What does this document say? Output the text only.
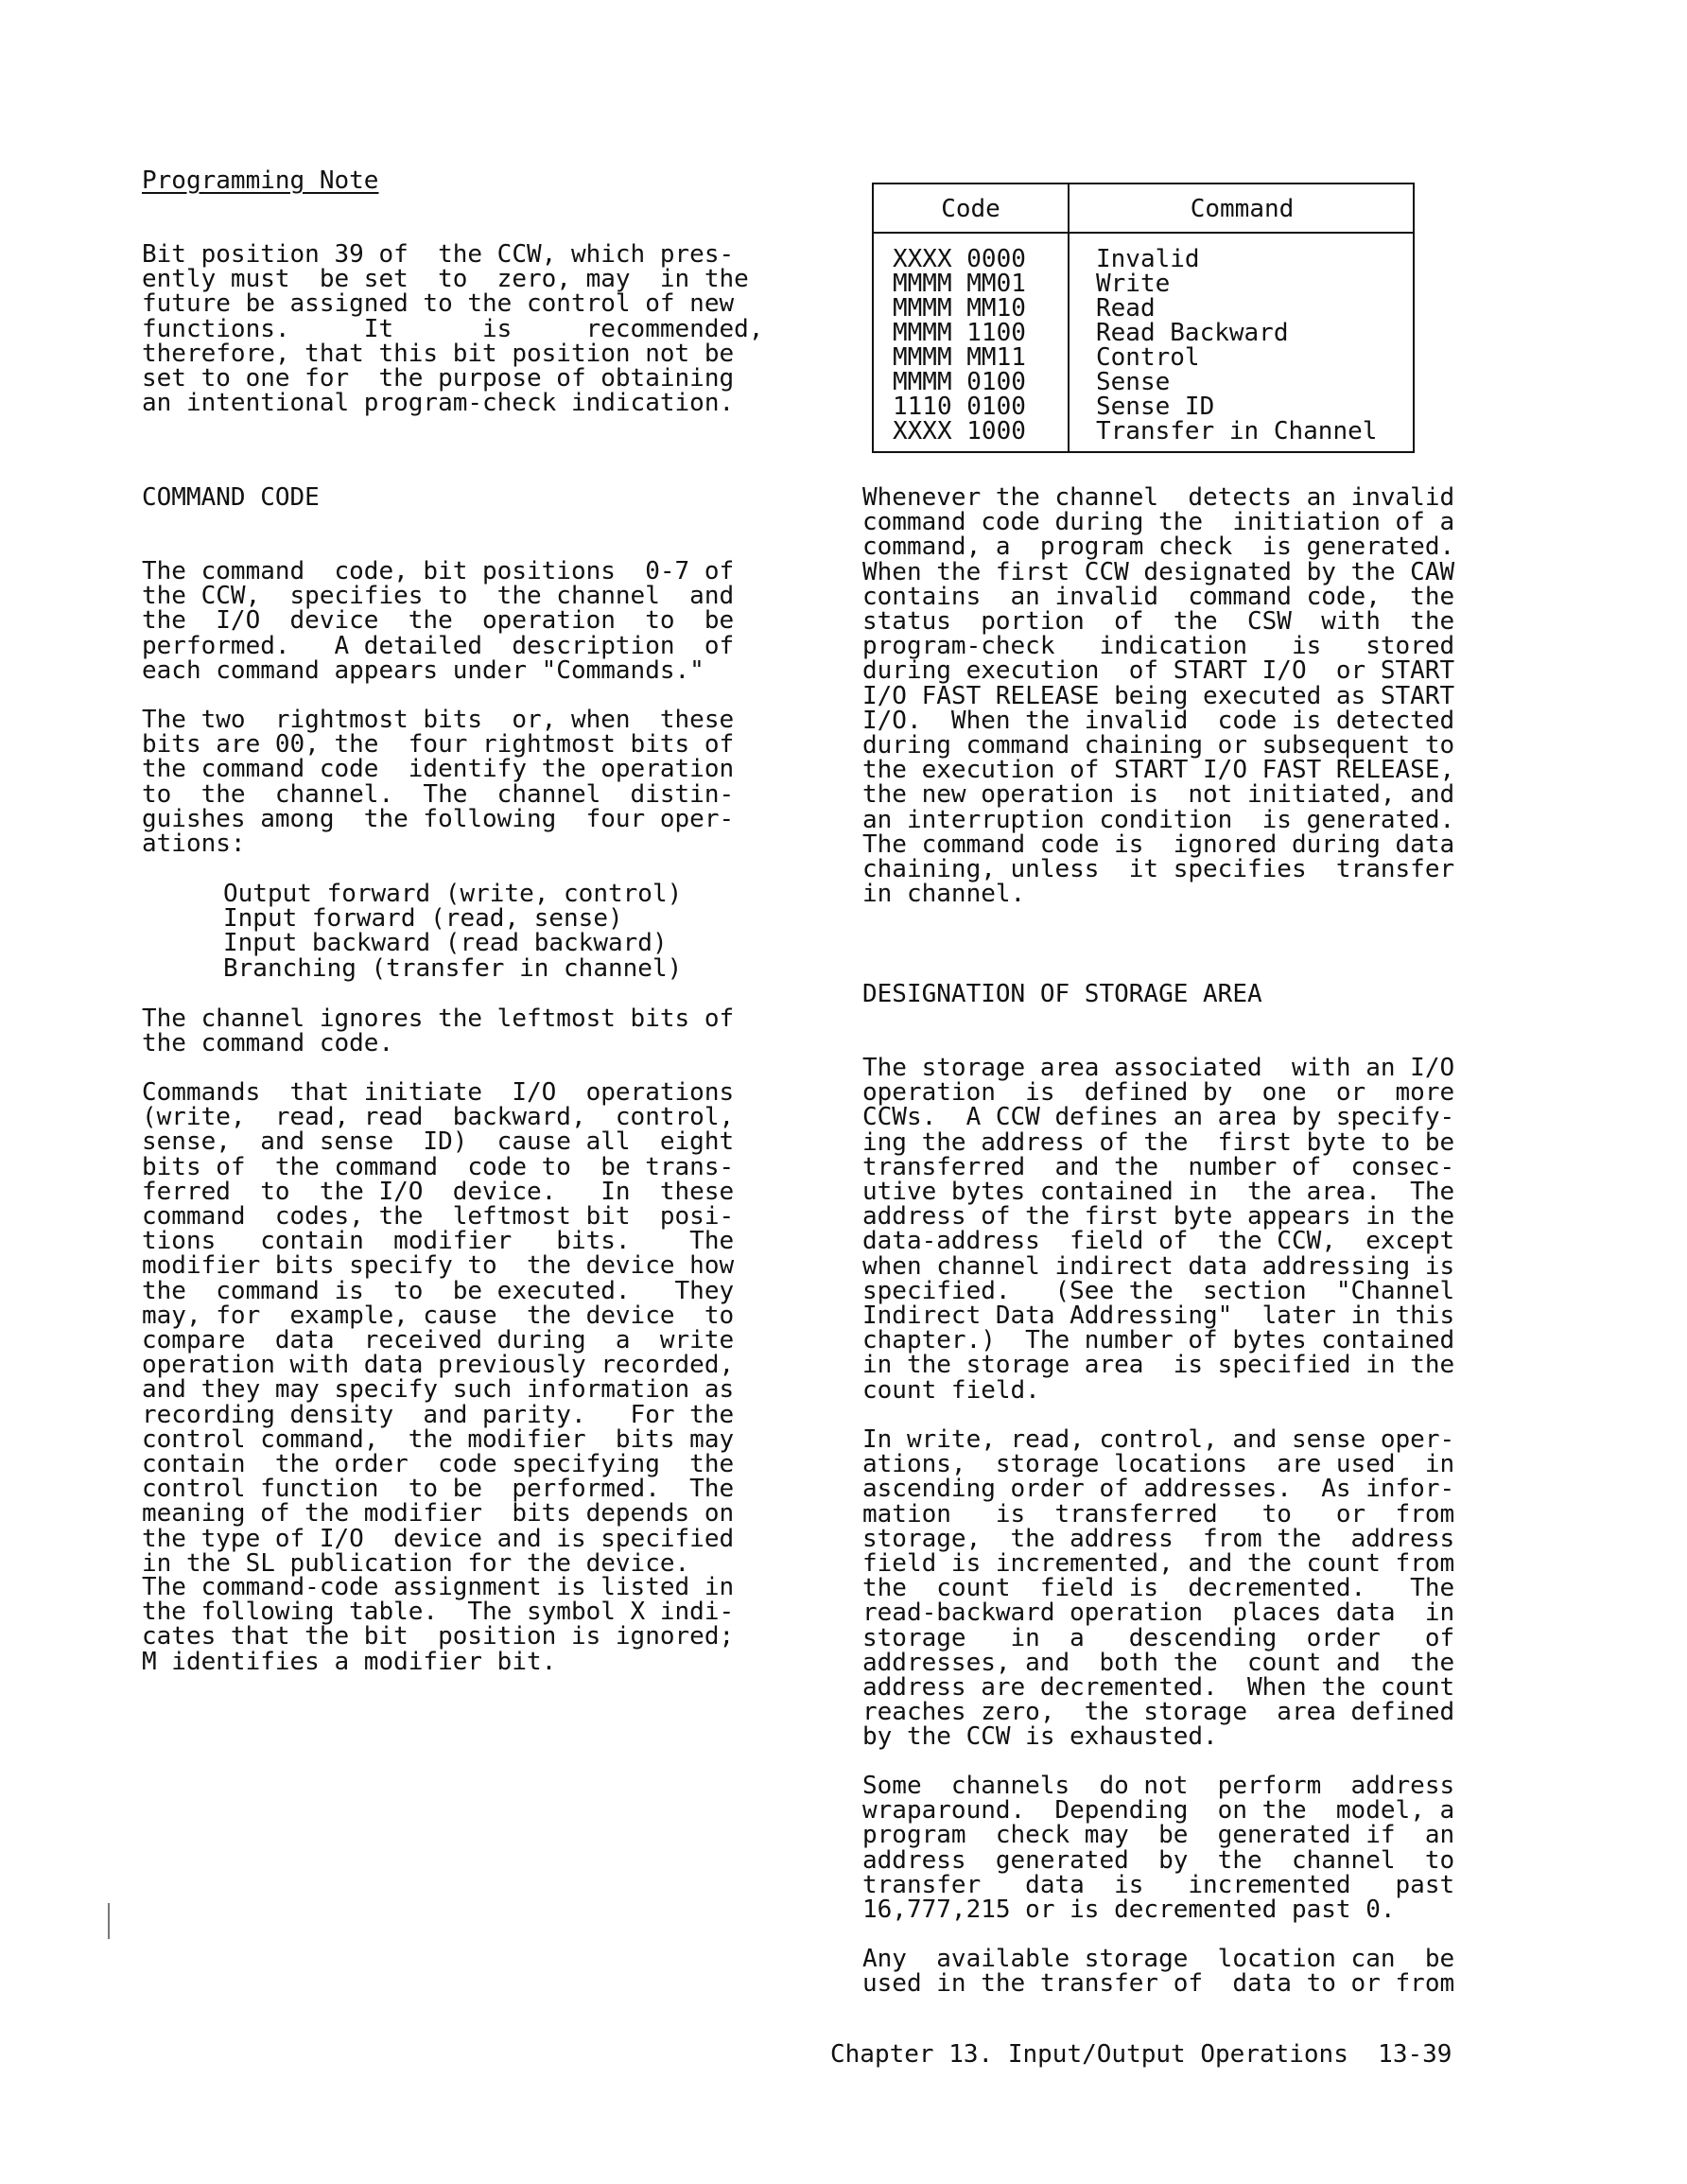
Programming Note
Bit position 39 of  the CCW, which pres-
ently must  be set  to  zero, may  in the
future be assigned to the control of new
functions.     It      is     recommended,
therefore, that this bit position not be
set to one for  the purpose of obtaining
an intentional program-check indication.
COMMAND CODE
The command  code, bit positions  0-7 of
the CCW,  specifies to  the channel  and
the  I/O  device  the  operation  to  be
performed.   A detailed  description  of
each command appears under "Commands."
The two  rightmost bits  or, when  these
bits are 00, the  four rightmost bits of
the command code  identify the operation
to  the  channel.  The  channel  distin-
guishes among  the following  four oper-
ations:
Output forward (write, control)
Input forward (read, sense)
Input backward (read backward)
Branching (transfer in channel)
The channel ignores the leftmost bits of
the command code.
Commands  that initiate  I/O  operations
(write,  read, read  backward,  control,
sense,  and sense  ID)  cause all  eight
bits of  the command  code to  be trans-
ferred  to  the I/O  device.   In  these
command  codes, the  leftmost bit  posi-
tions   contain  modifier   bits.    The
modifier bits specify to  the device how
the  command is  to  be executed.   They
may, for  example, cause  the device  to
compare  data  received during  a  write
operation with data previously recorded,
and they may specify such information as
recording density  and parity.   For the
control command,  the modifier  bits may
contain  the order  code specifying  the
control function  to be  performed.  The
meaning of the modifier  bits depends on
the type of I/O  device and is specified
in the SL publication for the device.
The command-code assignment is listed in
the following table.  The symbol X indi-
cates that the bit  position is ignored;
M identifies a modifier bit.
Code	Command
XXXX 0000
MMMM MM01
MMMM MM10
MMMM 1100
MMMM MM11
MMMM 0100
1110 0100
XXXX 1000
Invalid
Write
Read
Read Backward
Control
Sense
Sense ID
Transfer in Channel
Whenever the channel  detects an invalid
command code during the  initiation of a
command, a  program check  is generated.
When the first CCW designated by the CAW
contains  an invalid  command code,  the
status  portion  of  the  CSW  with  the
program-check   indication   is   stored
during execution  of START I/O  or START
I/O FAST RELEASE being executed as START
I/O.  When the invalid  code is detected
during command chaining or subsequent to
the execution of START I/O FAST RELEASE,
the new operation is  not initiated, and
an interruption condition  is generated.
The command code is  ignored during data
chaining, unless  it specifies  transfer
in channel.
DESIGNATION OF STORAGE AREA
The storage area associated  with an I/O
operation  is  defined by  one  or  more
CCWs.  A CCW defines an area by specify-
ing the address of the  first byte to be
transferred  and the  number of  consec-
utive bytes contained in  the area.  The
address of the first byte appears in the
data-address  field of  the CCW,  except
when channel indirect data addressing is
specified.   (See the  section  "Channel
Indirect Data Addressing"  later in this
chapter.)  The number of bytes contained
in the storage area  is specified in the
count field.
In write, read, control, and sense oper-
ations,  storage locations  are used  in
ascending order of addresses.  As infor-
mation   is  transferred   to   or  from
storage,  the address  from the  address
field is incremented, and the count from
the  count  field is  decremented.   The
read-backward operation  places data  in
storage   in  a   descending  order   of
addresses, and  both the  count and  the
address are decremented.  When the count
reaches zero,  the storage  area defined
by the CCW is exhausted.
Some  channels  do not  perform  address
wraparound.  Depending  on the  model, a
program  check may  be  generated if  an
address  generated  by  the  channel  to
transfer   data  is   incremented   past
16,777,215 or is decremented past 0.
Any  available storage  location can  be
used in the transfer of  data to or from
Chapter 13. Input/Output Operations  13-39
